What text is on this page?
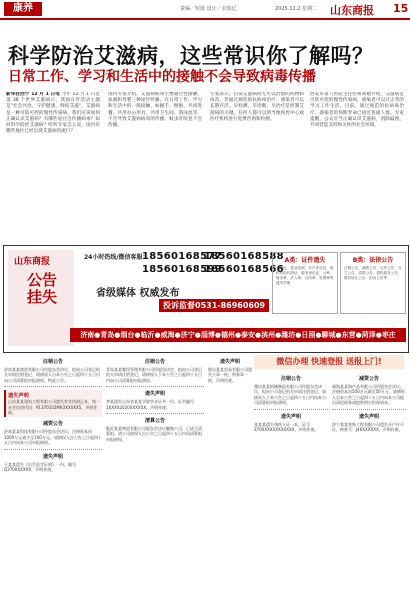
康养	责编／短篇 设计／农俊亿	2025.12.2 星期二 山东商报 15
科学防治艾滋病，这些常识你了解吗？
日常工作、学习和生活中的接触不会导致病毒传播
新华社西宁 12 月 1 日电 今年 12 月 1 日是第 38 个世界艾滋病日，我国宣传活动主题是"社会共治，守护健康，终结艾滋"。艾滋病是一种可防可控的慢性传染病，我们应该如何正确认识艾滋病？有哪些途径会传播病毒？如何科学防控艾滋病？听听专家怎么说。国内有哪些地区已经出现艾滋病的流行？
国内专家介绍，艾滋病病毒主要通过性接触、血液和母婴三种途径传播。在日常工作、学习和生活中的一般接触，如握手、拥抱、共同进餐、共用办公用具、共用卫生间、游泳池等，不会导致艾滋病病毒的传播。蚊虫叮咬也不会传播。
专家表示，目前艾滋病尚无可以治愈的药物和疫苗，但通过规范的抗病毒治疗，感染者可以长期存活。早检测、早诊断、早治疗是控制艾滋病的关键。任何人都可以到当地疾控中心或医疗机构进行免费咨询和检测。
西安市第八医院主任医师刘敬介绍，艾滋病是可防可控的慢性传染病，感染者可以过正常的学习工作生活。目前，通过规范的抗病毒治疗，感染者的预期寿命已接近普通人群。专家提醒，公众应当正确认识艾滋病，消除歧视，共同营造支持和关怀的社会环境。
山东商报
公告挂失
24小时热线/微信客服：
18560168577
18560168588
18560168599
18560168566
省级媒体 权威发布
投诉监督0531-86960609
A类：证件遗失
身份证、营业执照、开户许可证、组织机构代码证、税务登记证、公章、财务章、法人章、合同章、发票章等遗失声明
B类：法律公告
注销公告、减资公告、合并公告、分立公告、清算公告、债权债务公告、股权转让公告、拍卖公告等
济南●青岛●烟台●临沂●威海●济宁●淄博●德州●泰安●滨州●潍坊●日照●聊城●东营●菏泽●枣庄
注销公告
济南某某商贸有限公司经股东会决议，拟向公司登记机关申请注销登记，请债权人自本公告之日起四十五日内向公司清算组申报债权。特此公告。
遗失声明
山东某某建筑工程有限公司遗失营业执照正本，统一社会信用代码：91370102MA3XXXXX5，声明作废。
减资公告
济南某某科技有限公司经股东会决议，注册资本由1000万元减少至100万元，请债权人自公告之日起四十五日内向本公司申报债权。
遗失声明
王某某遗失《出生医学证明》一份，编号：Q370XXXXXX，声明作废。
注销公告
青岛某某餐饮管理有限公司经股东决定，拟向公司登记机关申请注销登记，请债权人于本公告之日起四十五日内向公司清算组申报债权。
遗失声明
李某遗失山东省某某学院毕业证书一份，证书编号：1XXXX2020XXXXXX，声明作废。
清算公告
临沂某某物流有限公司股东会决议解散公司，已成立清算组。请公司债权人自公告之日起四十五日内向清算组申报债权。
遗失声明
烟台某某贸易有限公司遗失公章一枚、财务章一枚，声明作废。
微信办理 快速登报 送报上门!
注销公告
潍坊某某机械制造有限公司经股东会决议，拟向公司登记机关申请注销登记，请债权人于本公告之日起四十五日内向本公司清算组申报债权。
遗失声明
张某某遗失残疾人证一本，证号：370XXXXXXXXXXXX，声明作废。
减资公告
威海某某海产品有限公司经股东会决议，注册资本由500万元减至50万元，请债权人自本公告之日起四十五日内向本公司提出清偿债务或提供相应担保请求。
遗失声明
济宁某某装饰工程有限公司遗失开户许可证，核准号：J46XXXXXX，声明作废。
